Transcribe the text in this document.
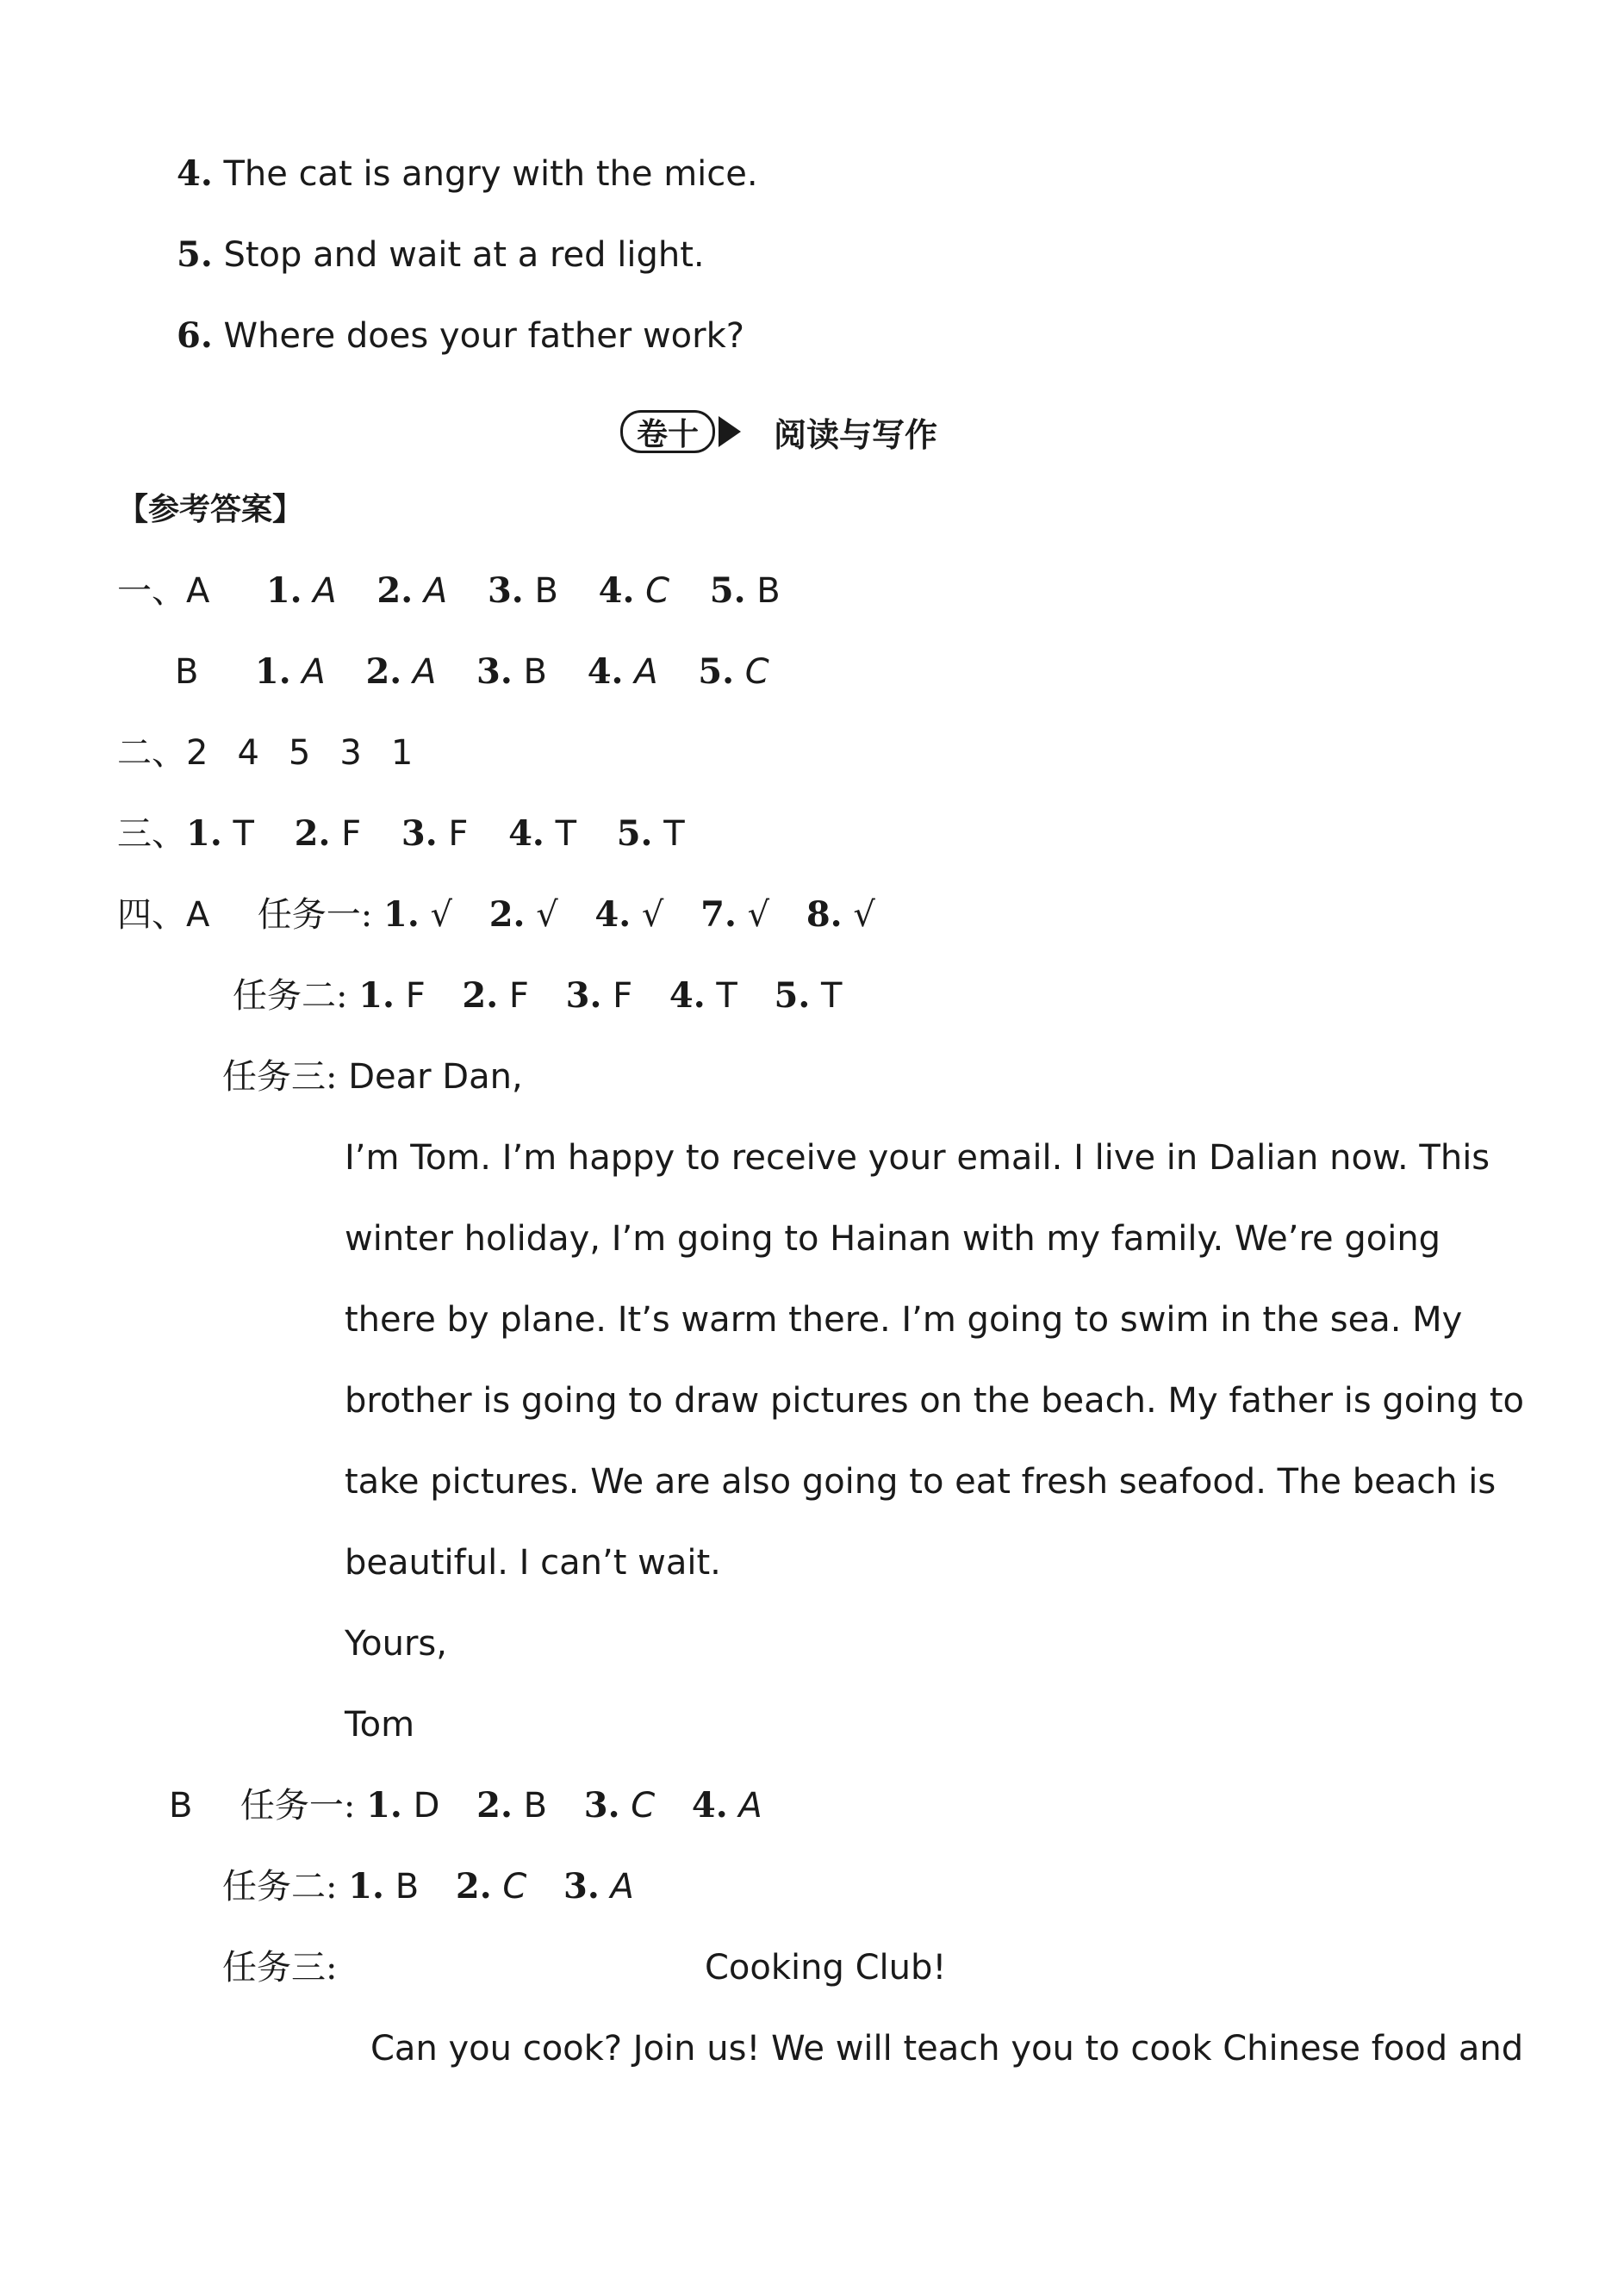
4. The cat is angry with the mice.
5. Stop and wait at a red light.
6. Where does your father work?
卷十	阅读与写作
【参考答案】
一、A 1. A 2. A 3. B 4. C 5. B
B 1. A 2. A 3. B 4. A 5. C
二、2 4 5 3 1
三、1. T 2. F 3. F 4. T 5. T
四、A 任务一: 1. √ 2. √ 4. √ 7. √ 8. √
任务二: 1. F 2. F 3. F 4. T 5. T
任务三: Dear Dan,
I’m Tom. I’m happy to receive your email. I live in Dalian now. This
winter holiday, I’m going to Hainan with my family. We’re going
there by plane. It’s warm there. I’m going to swim in the sea. My
brother is going to draw pictures on the beach. My father is going to
take pictures. We are also going to eat fresh seafood. The beach is
beautiful. I can’t wait.
Yours,
Tom
B 任务一: 1. D 2. B 3. C 4. A
任务二: 1. B 2. C 3. A
任务三:	Cooking Club!
Can you cook? Join us! We will teach you to cook Chinese food and
